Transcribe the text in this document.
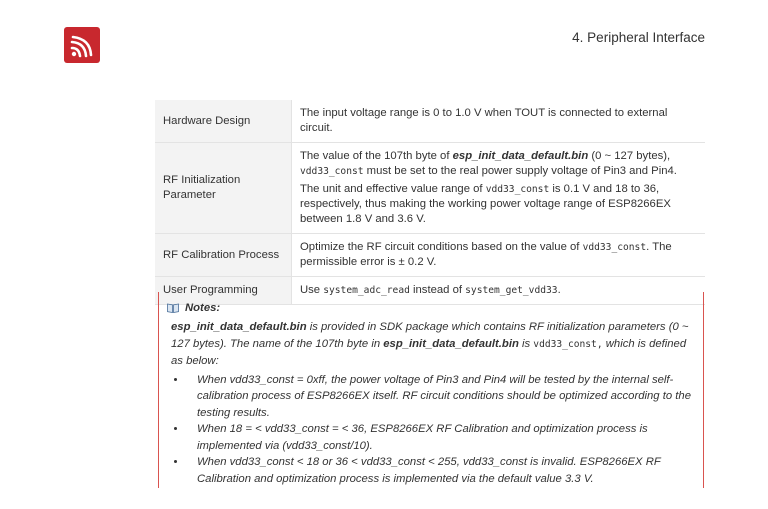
4. Peripheral Interface
Hardware Design	The input voltage range is 0 to 1.0 V when TOUT is connected to external circuit.
RF Initialization Parameter	The value of the 107th byte of esp_init_data_default.bin (0 ~ 127 bytes),
vdd33_const must be set to the real power supply voltage of Pin3 and Pin4.

The unit and effective value range of vdd33_const is 0.1 V and 18 to 36, respectively, thus making the working power voltage range of ESP8266EX between 1.8 V and 3.6 V.

RF Calibration Process	Optimize the RF circuit conditions based on the value of vdd33_const. The permissible error is ± 0.2 V.
User Programming	Use system_adc_read instead of system_get_vdd33.
Notes:

esp_init_data_default.bin is provided in SDK package which contains RF initialization parameters (0 ~ 127 bytes). The name of the 107th byte in esp_init_data_default.bin is vdd33_const, which is defined as below:

• When vdd33_const = 0xff, the power voltage of Pin3 and Pin4 will be tested by the internal self-calibration process of ESP8266EX itself. RF circuit conditions should be optimized according to the testing results.
• When 18 = < vdd33_const = < 36, ESP8266EX RF Calibration and optimization process is implemented via (vdd33_const/10).
• When vdd33_const < 18 or 36 < vdd33_const < 255, vdd33_const is invalid. ESP8266EX RF Calibration and optimization process is implemented via the default value 3.3 V.
